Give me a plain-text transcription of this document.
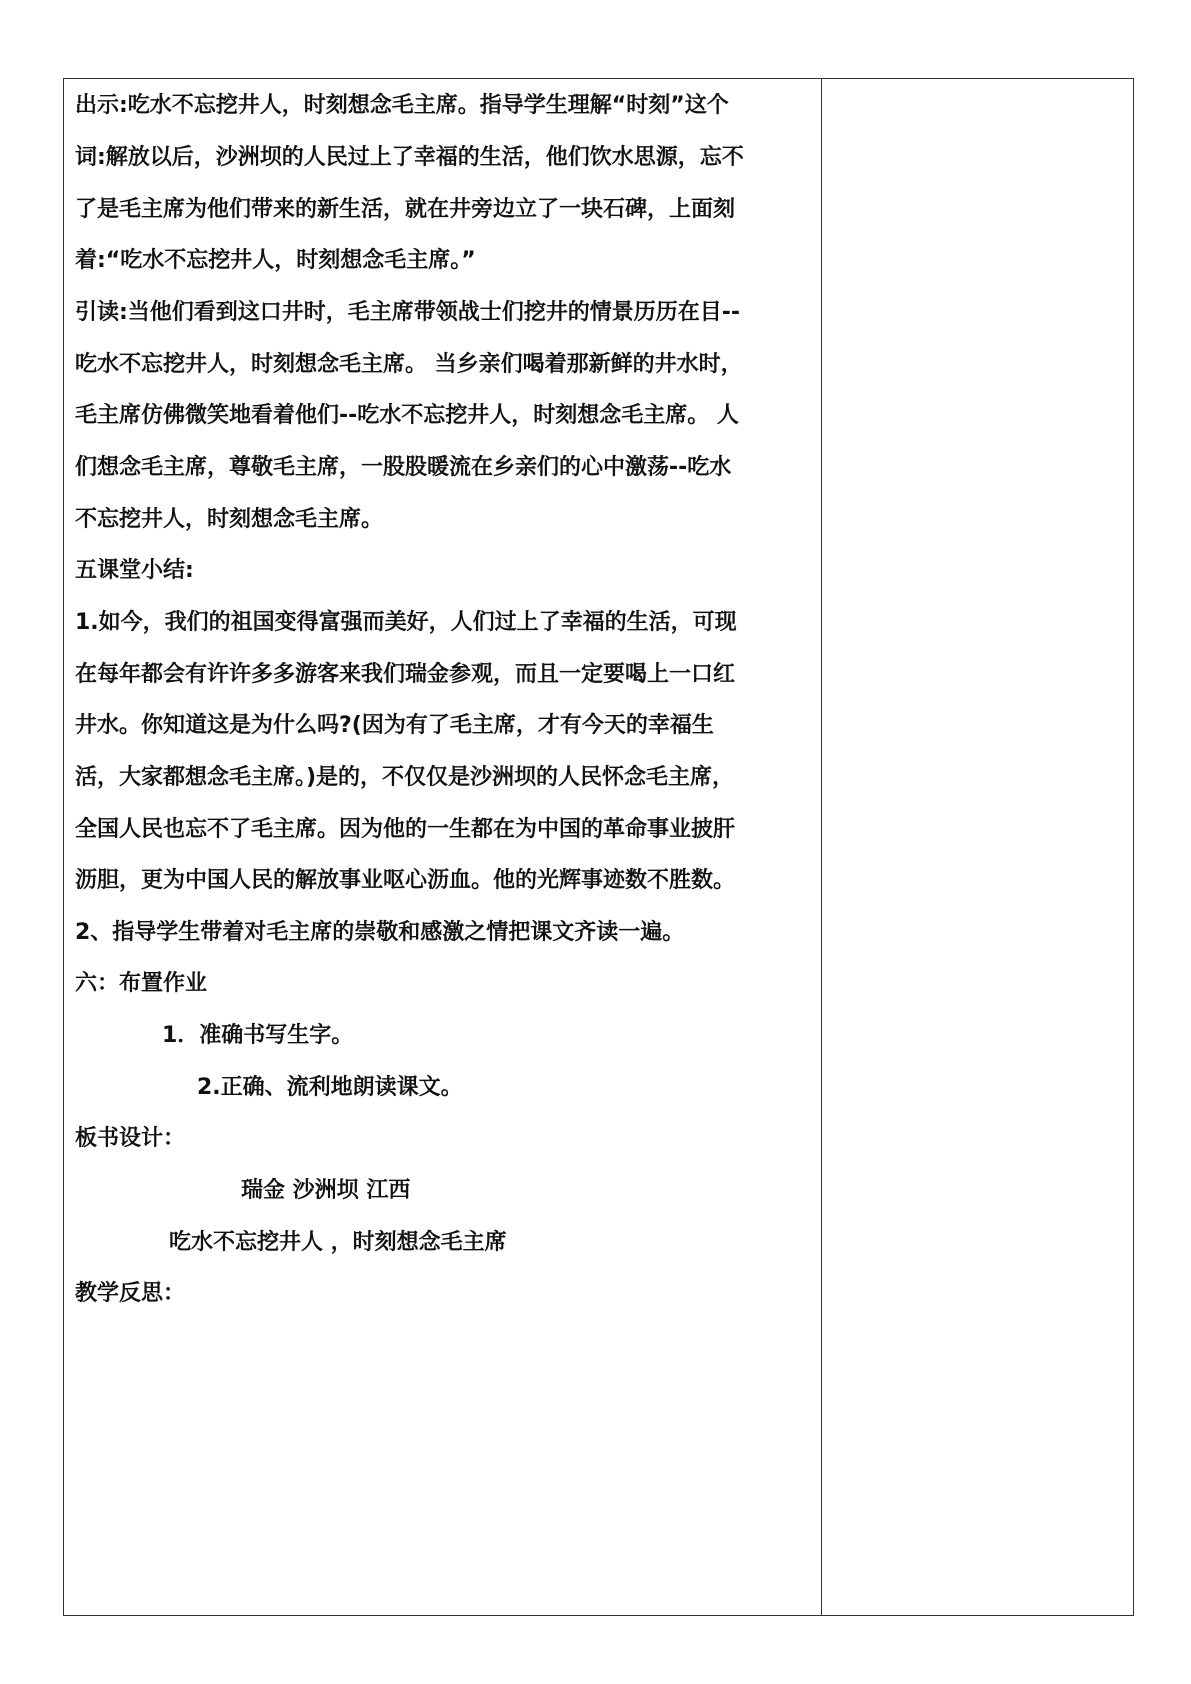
出示:吃水不忘挖井人，时刻想念毛主席。指导学生理解“时刻”这个
词:解放以后，沙洲坝的人民过上了幸福的生活，他们饮水思源，忘不
了是毛主席为他们带来的新生活，就在井旁边立了一块石碑，上面刻
着:“吃水不忘挖井人，时刻想念毛主席。”
引读:当他们看到这口井时，毛主席带领战士们挖井的情景历历在目--
吃水不忘挖井人，时刻想念毛主席。 当乡亲们喝着那新鲜的井水时，
毛主席仿佛微笑地看着他们--吃水不忘挖井人，时刻想念毛主席。 人
们想念毛主席，尊敬毛主席，一股股暖流在乡亲们的心中激荡--吃水
不忘挖井人，时刻想念毛主席。
五课堂小结:
1.如今，我们的祖国变得富强而美好，人们过上了幸福的生活，可现
在每年都会有许许多多游客来我们瑞金参观，而且一定要喝上一口红
井水。你知道这是为什么吗?(因为有了毛主席，才有今天的幸福生
活，大家都想念毛主席。)是的，不仅仅是沙洲坝的人民怀念毛主席，
全国人民也忘不了毛主席。因为他的一生都在为中国的革命事业披肝
沥胆，更为中国人民的解放事业呕心沥血。他的光辉事迹数不胜数。
2、指导学生带着对毛主席的崇敬和感激之情把课文齐读一遍。
六：布置作业
1．准确书写生字。
2.正确、流利地朗读课文。
板书设计：
瑞金 沙洲坝 江西
吃水不忘挖井人 ，时刻想念毛主席
教学反思：
